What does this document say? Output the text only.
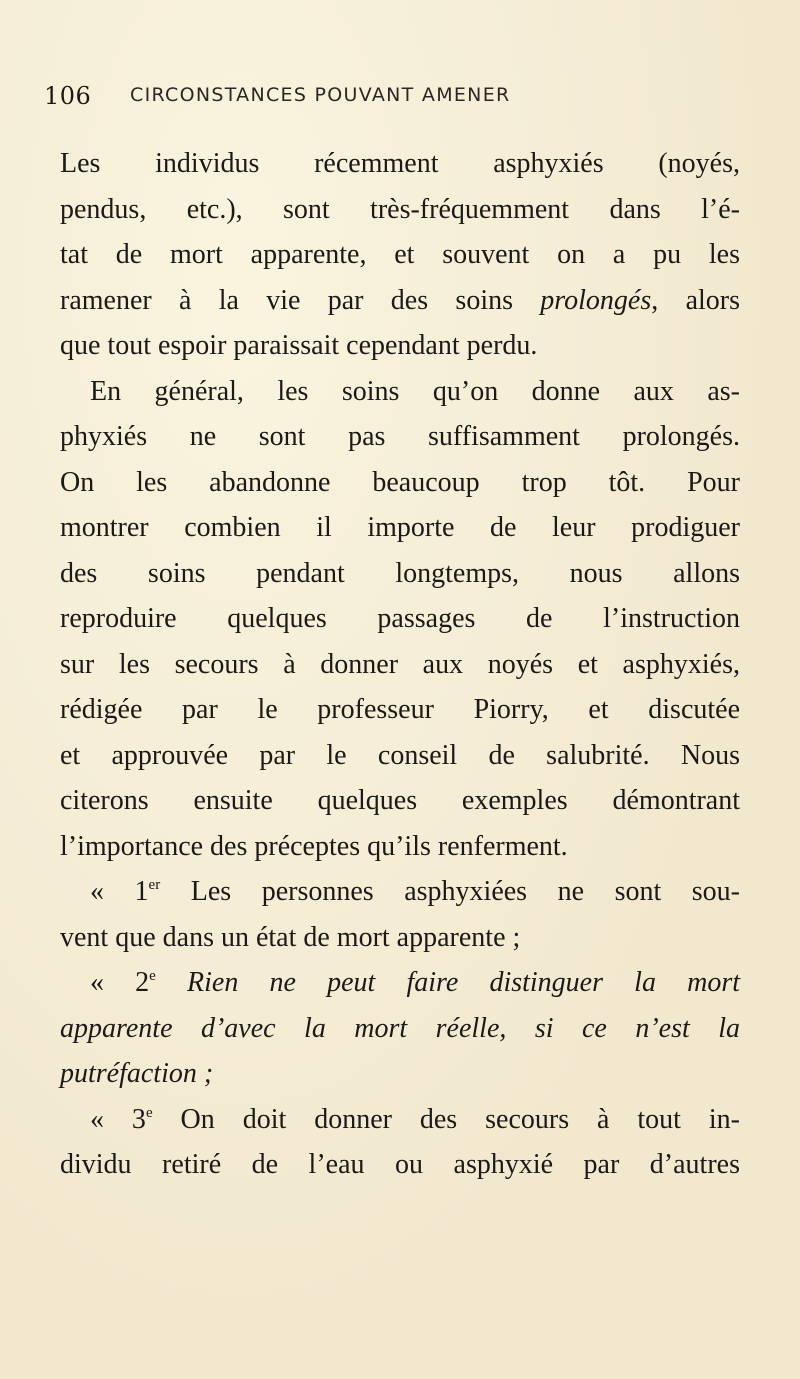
106 CIRCONSTANCES POUVANT AMENER
Les individus récemment asphyxiés (noyés,
pendus, etc.), sont très-fréquemment dans l’é-
tat de mort apparente, et souvent on a pu les
ramener à la vie par des soins prolongés, alors
que tout espoir paraissait cependant perdu.
En général, les soins qu’on donne aux as-
phyxiés ne sont pas suffisamment prolongés.
On les abandonne beaucoup trop tôt. Pour
montrer combien il importe de leur prodiguer
des soins pendant longtemps, nous allons
reproduire quelques passages de l’instruction
sur les secours à donner aux noyés et asphyxiés,
rédigée par le professeur Piorry, et discutée
et approuvée par le conseil de salubrité. Nous
citerons ensuite quelques exemples démontrant
l’importance des préceptes qu’ils renferment.
« 1er Les personnes asphyxiées ne sont sou-
vent que dans un état de mort apparente ;
« 2e Rien ne peut faire distinguer la mort
apparente d’avec la mort réelle, si ce n’est la
putréfaction ;
« 3e On doit donner des secours à tout in-
dividu retiré de l’eau ou asphyxié par d’autres
